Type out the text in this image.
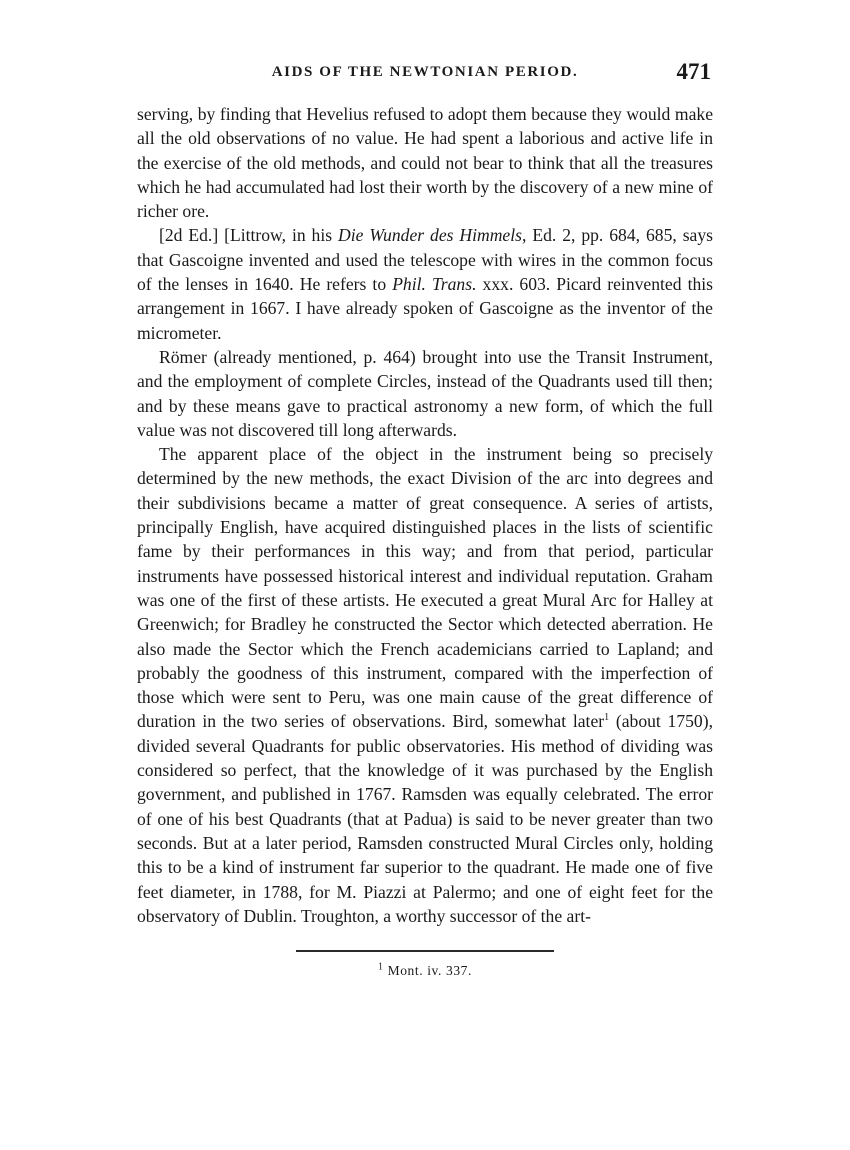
AIDS OF THE NEWTONIAN PERIOD.	471

serving, by finding that Hevelius refused to adopt them because they would make all the old observations of no value. He had spent a laborious and active life in the exercise of the old methods, and could not bear to think that all the treasures which he had accumulated had lost their worth by the discovery of a new mine of richer ore.

[2d Ed.] [Littrow, in his Die Wunder des Himmels, Ed. 2, pp. 684, 685, says that Gascoigne invented and used the telescope with wires in the common focus of the lenses in 1640. He refers to Phil. Trans. xxx. 603. Picard reinvented this arrangement in 1667. I have already spoken of Gascoigne as the inventor of the micrometer.

Römer (already mentioned, p. 464) brought into use the Transit Instrument, and the employment of complete Circles, instead of the Quadrants used till then; and by these means gave to practical astronomy a new form, of which the full value was not discovered till long afterwards.

The apparent place of the object in the instrument being so precisely determined by the new methods, the exact Division of the arc into degrees and their subdivisions became a matter of great consequence. A series of artists, principally English, have acquired distinguished places in the lists of scientific fame by their performances in this way; and from that period, particular instruments have possessed historical interest and individual reputation. Graham was one of the first of these artists. He executed a great Mural Arc for Halley at Greenwich; for Bradley he constructed the Sector which detected aberration. He also made the Sector which the French academicians carried to Lapland; and probably the goodness of this instrument, compared with the imperfection of those which were sent to Peru, was one main cause of the great difference of duration in the two series of observations. Bird, somewhat later$^1$ (about 1750), divided several Quadrants for public observatories. His method of dividing was considered so perfect, that the knowledge of it was purchased by the English government, and published in 1767. Ramsden was equally celebrated. The error of one of his best Quadrants (that at Padua) is said to be never greater than two seconds. But at a later period, Ramsden constructed Mural Circles only, holding this to be a kind of instrument far superior to the quadrant. He made one of five feet diameter, in 1788, for M. Piazzi at Palermo; and one of eight feet for the observatory of Dublin. Troughton, a worthy successor of the art-

$^1$ Mont. iv. 337.
